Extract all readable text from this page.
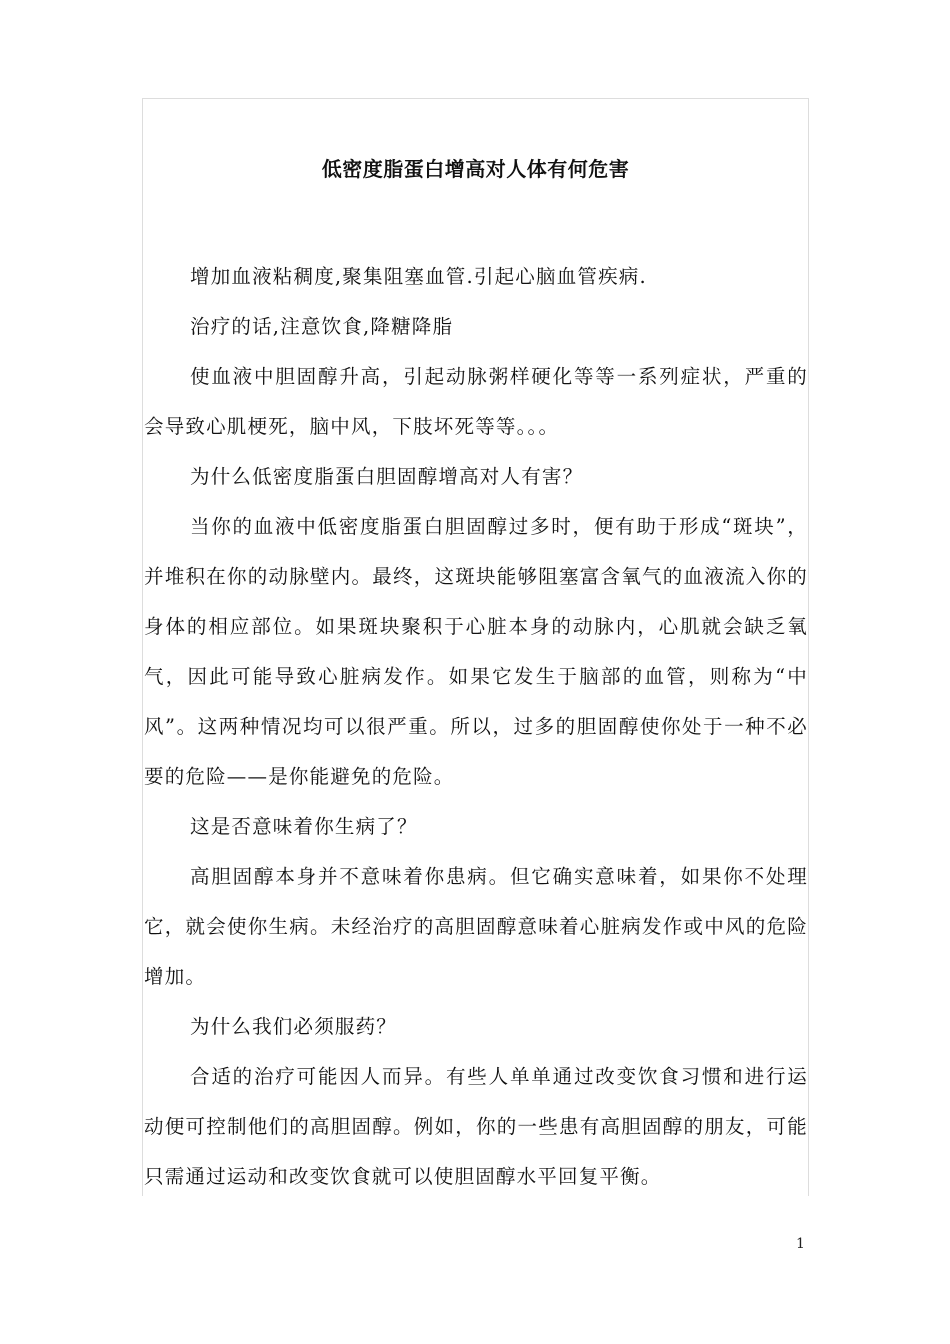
低密度脂蛋白增高对人体有何危害

增加血液粘稠度,聚集阻塞血管.引起心脑血管疾病.

治疗的话,注意饮食,降糖降脂

使血液中胆固醇升高，引起动脉粥样硬化等等一系列症状，严重的会导致心肌梗死，脑中风，下肢坏死等等。。。

为什么低密度脂蛋白胆固醇增高对人有害？

当你的血液中低密度脂蛋白胆固醇过多时，便有助于形成“斑块”，并堆积在你的动脉壁内。最终，这斑块能够阻塞富含氧气的血液流入你的身体的相应部位。如果斑块聚积于心脏本身的动脉内，心肌就会缺乏氧气，因此可能导致心脏病发作。如果它发生于脑部的血管，则称为“中风”。这两种情况均可以很严重。所以，过多的胆固醇使你处于一种不必要的危险——是你能避免的危险。

这是否意味着你生病了？

高胆固醇本身并不意味着你患病。但它确实意味着，如果你不处理它，就会使你生病。未经治疗的高胆固醇意味着心脏病发作或中风的危险增加。

为什么我们必须服药？

合适的治疗可能因人而异。有些人单单通过改变饮食习惯和进行运动便可控制他们的高胆固醇。例如，你的一些患有高胆固醇的朋友，可能只需通过运动和改变饮食就可以使胆固醇水平回复平衡。

1
